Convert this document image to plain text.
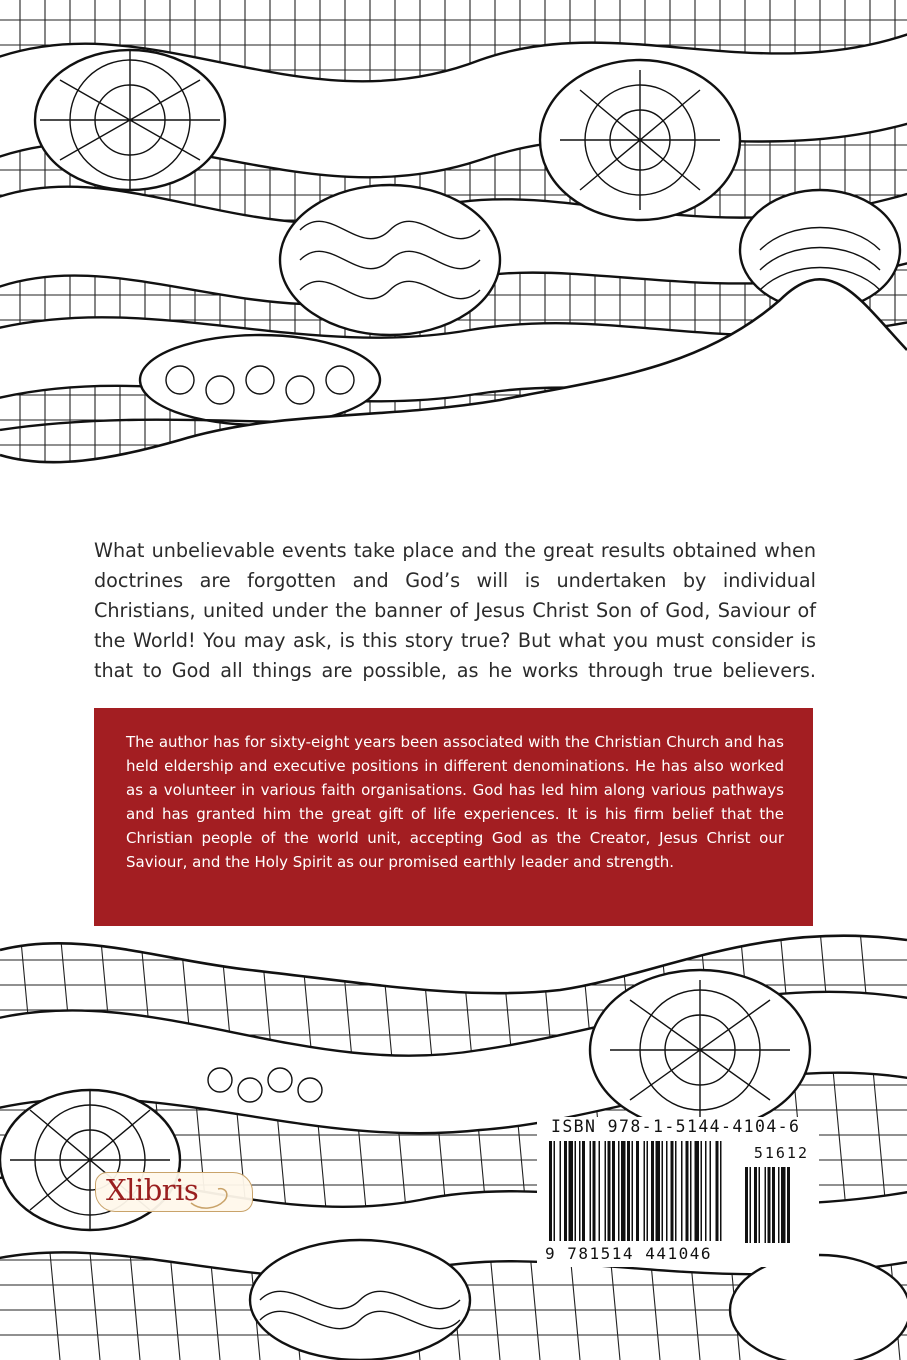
What unbelievable events take place and the great results obtained when doctrines are forgotten and God’s will is undertaken by individual Christians, united under the banner of Jesus Christ Son of God, Saviour of the World! You may ask, is this story true? But what you must consider is that to God all things are possible, as he works through true believers.

The author has for sixty-eight years been associated with the Christian Church and has held eldership and executive positions in different denominations. He has also worked as a volunteer in various faith organisations. God has led him along various pathways and has granted him the great gift of life experiences. It is his firm belief that the Christian people of the world unit, accepting God as the Creator, Jesus Christ our Saviour, and the Holy Spirit as our promised earthly leader and strength.

Xlibris
ISBN 978-1-5144-4104-6
51612
9 781514 441046
